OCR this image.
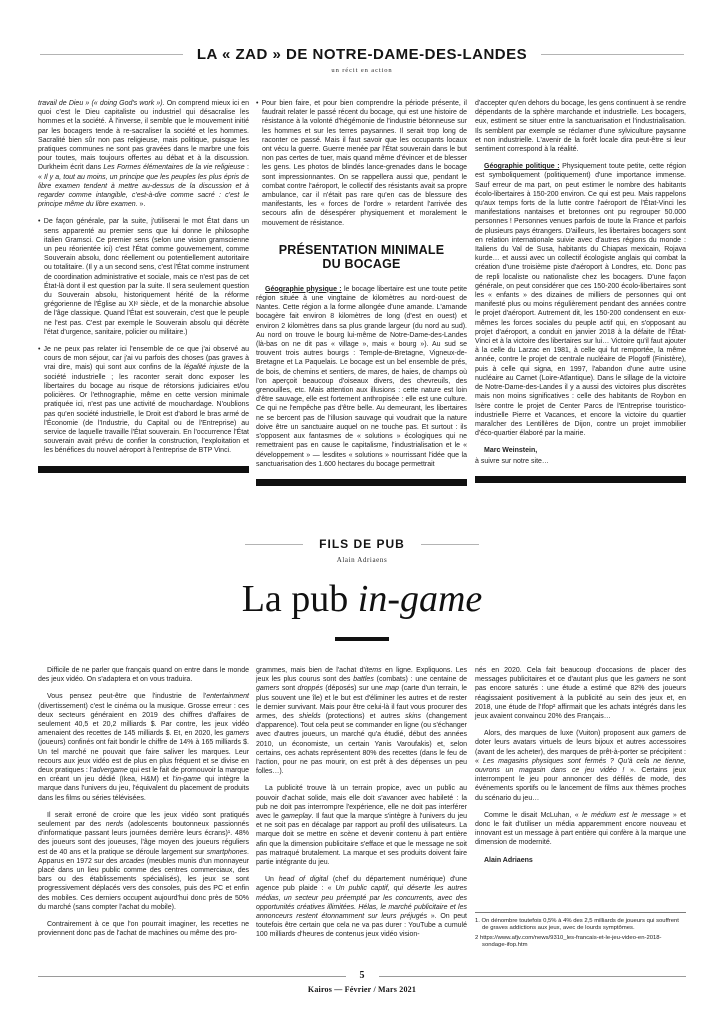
LA « ZAD » DE NOTRE-DAME-DES-LANDES
un récit en action

travail de Dieu » (« doing God's work »). On comprend mieux ici en quoi c'est le Dieu capitaliste ou industriel qui désacralise les hommes et la société. À l'inverse, il semble que le mouvement initié par les bocagers tende à re-sacraliser la société et les hommes. Sacralité bien sûr non pas religieuse, mais politique, puisque les pratiques communes ne sont pas gravées dans le marbre une fois pour toutes, mais toujours offertes au débat et à la discussion. Durkheim écrit dans Les Formes élémentaires de la vie religieuse : « Il y a, tout au moins, un principe que les peuples les plus épris de libre examen tendent à mettre au-dessus de la discussion et à regarder comme intangible, c'est-à-dire comme sacré : c'est le principe même du libre examen. ».

• De façon générale, par la suite, j'utiliserai le mot État dans un sens apparenté au premier sens que lui donne le philosophe italien Gramsci. Ce premier sens (selon une vision gramscienne un peu réorientée ici) c'est l'État comme gouvernement, comme Souverain absolu, donc réellement ou potentiellement autoritaire ou totalitaire. (Il y a un second sens, c'est l'État comme instrument de coordination administrative et sociale, mais ce n'est pas de cet État-là dont il est question par la suite. Il sera seulement question du Souverain absolu, historiquement hérité de la réforme grégorienne de l'Église au XIᵉ siècle, et de la monarchie absolue de l'âge classique. Quand l'État est souverain, c'est que le peuple ne l'est pas. C'est par exemple le Souverain absolu qui décrète l'état d'urgence, sanitaire, policier ou militaire.)

• Je ne peux pas relater ici l'ensemble de ce que j'ai observé au cours de mon séjour, car j'ai vu parfois des choses (pas graves à vrai dire, mais) qui sont aux confins de la légalité injuste de la société industrielle ; les raconter serait donc exposer les libertaires du bocage au risque de rétorsions judiciaires et/ou policières. Or l'ethnographie, même en cette version minimale pratiquée ici, n'est pas une activité de mouchardage. N'oublions pas qu'en société industrielle, le Droit est d'abord le bras armé de l'Économie (de l'Industrie, du Capital ou de l'Entreprise) au service de laquelle travaille l'État souverain. En l'occurrence l'État souverain avait prévu de confier la construction, l'exploitation et les bénéfices du nouvel aéroport à l'entreprise de BTP Vinci.

• Pour bien faire, et pour bien comprendre la période présente, il faudrait relater le passé récent du bocage, qui est une histoire de résistance à la volonté d'hégémonie de l'industrie bétonneuse sur les hommes et sur les terres paysannes. Il serait trop long de raconter ce passé. Mais il faut savoir que les occupants locaux ont vécu la guerre. Guerre menée par l'État souverain dans le but non pas certes de tuer, mais quand même d'évincer et de blesser les gens. Les photos de blindés lance-grenades dans le bocage sont impressionnantes. On se rappellera aussi que, pendant le combat contre l'aéroport, le collectif des résistants avait sa propre ambulance, car il n'était pas rare qu'en cas de blessure des manifestants, les « forces de l'ordre » retardent l'arrivée des secours afin de désespérer physiquement et moralement le mouvement de résistance.

PRÉSENTATION MINIMALE
DU BOCAGE

Géographie physique : le bocage libertaire est une toute petite région située à une vingtaine de kilomètres au nord-ouest de Nantes. Cette région a la forme allongée d'une amande. L'amande bocagère fait environ 8 kilomètres de long (d'est en ouest) et environ 2 kilomètres dans sa plus grande largeur (du nord au sud). Au nord on trouve le bourg lui-même de Notre-Dame-des-Landes (là-bas on ne dit pas « village », mais « bourg »). Au sud se trouvent trois autres bourgs : Temple-de-Bretagne, Vigneux-de-Bretagne et La Paquelais. Le bocage est un bel ensemble de prés, de bois, de chemins et sentiers, de mares, de haies, de champs où l'on aperçoit beaucoup d'oiseaux divers, des chevreuils, des grenouilles, etc. Mais attention aux illusions : cette nature est loin d'être sauvage, elle est fortement anthropisée : elle est une culture. Ce qui ne l'empêche pas d'être belle. Au demeurant, les libertaires ne se bercent pas de l'illusion sauvage qui voudrait que la nature doive être un sanctuaire auquel on ne touche pas. Et surtout : ils s'opposent aux fantasmes de « solutions » écologiques qui ne remettraient pas en cause le capitalisme, l'industrialisation et le « développement » — lesdites « solutions » nourrissant l'idée que la sanctuarisation des 1.600 hectares du bocage permettrait

d'accepter qu'en dehors du bocage, les gens continuent à se rendre dépendants de la sphère marchande et industrielle. Les bocagers, eux, estiment se situer entre la sanctuarisation et l'industrialisation. Ils semblent par exemple se réclamer d'une sylviculture paysanne et non industrielle. L'avenir de la forêt locale dira peut-être si leur sentiment correspond à la réalité.

Géographie politique : Physiquement toute petite, cette région est symboliquement (politiquement) d'une importance immense. Sauf erreur de ma part, on peut estimer le nombre des habitants écolo-libertaires à 150-200 environ. Ce qui est peu. Mais rappelons qu'aux temps forts de la lutte contre l'aéroport de l'État-Vinci les manifestations nantaises et bretonnes ont pu regrouper 50.000 personnes ! Personnes venues parfois de toute la France et parfois de plusieurs pays étrangers. D'ailleurs, les libertaires bocagers sont en relation internationale suivie avec d'autres régions du monde : Italiens du Val de Susa, habitants du Chiapas mexicain, Rojava kurde… et aussi avec un collectif écologiste anglais qui combat la création d'une troisième piste d'aéroport à Londres, etc. Donc pas de repli localiste ou nationaliste chez les bocagers. D'une façon générale, on peut considérer que ces 150-200 écolo-libertaires sont les « enfants » des dizaines de milliers de personnes qui ont manifesté plus ou moins régulièrement pendant des années contre le projet d'aéroport. Autrement dit, les 150-200 condensent en eux-mêmes les forces sociales du peuple actif qui, en s'opposant au projet d'aéroport, a conduit en janvier 2018 à la défaite de l'État-Vinci et à la victoire des libertaires sur lui… Victoire qu'il faut ajouter à la celle du Larzac en 1981, à celle qui fut remportée, la même année, contre le projet de centrale nucléaire de Plogoff (Finistère), puis à celle qui signa, en 1997, l'abandon d'une autre usine nucléaire au Carnet (Loire-Atlantique). Dans le sillage de la victoire de Notre-Dame-des-Landes il y a aussi des victoires plus discrètes mais non moins significatives : celle des habitants de Roybon en Isère contre le projet de Center Parcs de l'Entreprise touristico-industrielle Pierre et Vacances, et encore la victoire du quartier maraîcher des Lentillères de Dijon, contre un projet immobilier d'éco-quartier élaboré par la mairie.

Marc Weinstein,

à suivre sur notre site…

FILS DE PUB
Alain Adriaens
La pub in-game

Difficile de ne parler que français quand on entre dans le monde des jeux vidéo. On s'adaptera et on vous traduira.

Vous pensez peut-être que l'industrie de l'entertainment (divertissement) c'est le cinéma ou la musique. Grosse erreur : ces deux secteurs généraient en 2019 des chiffres d'affaires de seulement 40,5 et 20,2 milliards $. Par contre, les jeux vidéo amenaient des recettes de 145 milliards $. Et, en 2020, les gamers (joueurs) confinés ont fait bondir le chiffre de 14% à 165 milliards $. Un tel marché ne pouvait que faire saliver les marques. Leur recours aux jeux vidéo est de plus en plus fréquent et se divise en deux pratiques : l'advergame qui est le fait de promouvoir la marque en créant un jeu dédié (Ikea, H&M) et l'in-game qui intègre la marque dans l'univers du jeu, l'équivalent du placement de produits dans les films ou séries télévisées.

Il serait erroné de croire que les jeux vidéo sont pratiqués seulement par des nerds (adolescents boutonneux passionnés d'informatique passant leurs journées derrière leurs écrans)¹. 48% des joueurs sont des joueuses, l'âge moyen des joueurs réguliers est de 40 ans et la pratique se déroule largement sur smartphones. Apparus en 1972 sur des arcades (meubles munis d'un monnayeur placé dans un lieu public comme des centres commerciaux, des bars ou des établissements spécialisés), les jeux se sont progressivement déplacés vers des consoles, puis des PC et enfin des mobiles. Ces derniers occupent aujourd'hui donc près de 50% du marché (sans compter l'achat du mobile).

Contrairement à ce que l'on pourrait imaginer, les recettes ne proviennent donc pas de l'achat de machines ou même des pro-

grammes, mais bien de l'achat d'items en ligne. Expliquons. Les jeux les plus courus sont des battles (combats) : une centaine de gamers sont droppés (déposés) sur une map (carte d'un terrain, le plus souvent une île) et le but est d'éliminer les autres et de rester le dernier survivant. Mais pour être celui-là il faut vous procurer des armes, des shields (protections) et autres skins (changement d'apparence). Tout cela peut se commander en ligne (ou s'échanger avec d'autres joueurs, un marché qu'a étudié, début des années 2010, un économiste, un certain Yanis Varoufakis) et, selon certains, ces achats représentent 80% des recettes (dans le feu de l'action, pour ne pas mourir, on est prêt à des dépenses un peu folles…).

La publicité trouve là un terrain propice, avec un public au pouvoir d'achat solide, mais elle doit s'avancer avec habileté : la pub ne doit pas interrompre l'expérience, elle ne doit pas interférer avec le gameplay. Il faut que la marque s'intègre à l'univers du jeu et ne soit pas en décalage par rapport au profil des utilisateurs. La marque doit se mettre en scène et devenir contenu à part entière afin que la dimension publicitaire s'efface et que le message ne soit pas matraqué brutalement. La marque et ses produits doivent faire partie intégrante du jeu.

Un head of digital (chef du département numérique) d'une agence pub plaide : « Un public captif, qui déserte les autres médias, un secteur peu préempté par les concurrents, avec des opportunités créatives illimitées. Hélas, le marché publicitaire et les annonceurs restent étonnamment sur leurs préjugés ». On peut toutefois être certain que cela ne va pas durer : YouTube a cumulé 100 milliards d'heures de contenus jeux vidéo vision-

nés en 2020. Cela fait beaucoup d'occasions de placer des messages publicitaires et ce d'autant plus que les gamers ne sont pas encore saturés : une étude a estimé que 82% des joueurs réagissaient positivement à la publicité au sein des jeux et, en 2018, une étude de l'Ifop² affirmait que les achats intégrés dans les jeux avaient convaincu 20% des Français…

Alors, des marques de luxe (Vuiton) proposent aux gamers de doter leurs avatars virtuels de leurs bijoux et autres accessoires (avant de les acheter), des marques de prêt-à-porter se précipitent : « Les magasins physiques sont fermés ? Qu'à cela ne tienne, ouvrons un magasin dans ce jeu vidéo ! ». Certains jeux interrompent le jeu pour annoncer des défilés de mode, des événements sportifs ou le lancement de films aux thèmes proches du scénario du jeu…

Comme le disait McLuhan, « le médium est le message » et donc le fait d'utiliser un média apparemment encore nouveau et innovant est un message à part entière qui confère à la marque une dimension de modernité.

Alain Adriaens

1. On dénombre toutefois 0,5% à 4% des 2,5 milliards de joueurs qui souffrent de graves addictions aux jeux, avec de lourds symptômes.

2 https://www.afjv.com/news/9310_les-francais-et-le-jeu-video-en-2018-sondage-ifop.htm

5
Kairos — Février / Mars 2021
